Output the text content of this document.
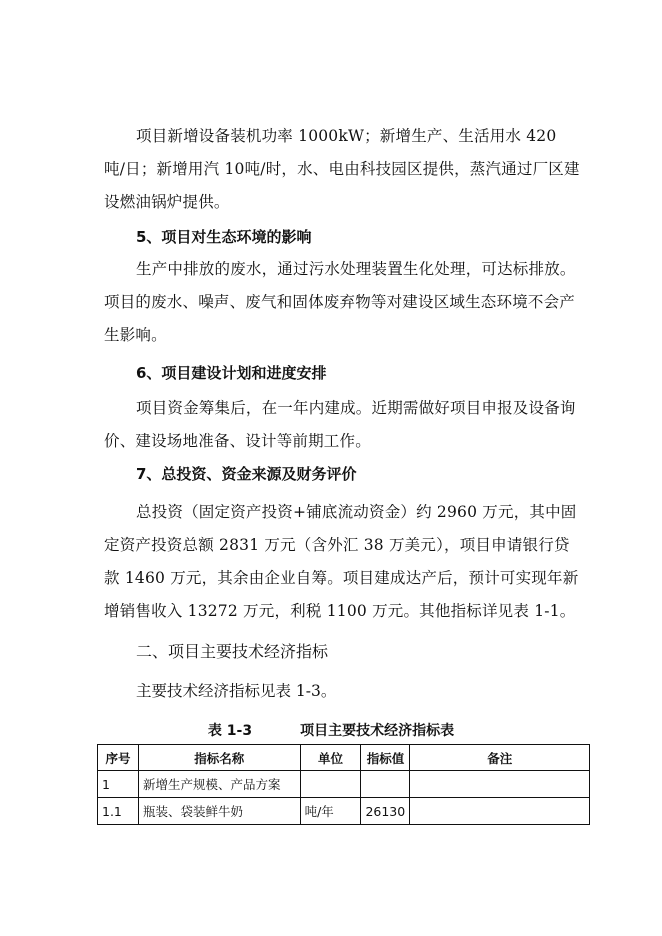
项目新增设备装机功率 1000kW；新增生产、生活用水 420 吨/日；新增用汽 10吨/时，水、电由科技园区提供，蒸汽通过厂区建设燃油锅炉提供。

5、项目对生态环境的影响

生产中排放的废水，通过污水处理装置生化处理，可达标排放。项目的废水、噪声、废气和固体废弃物等对建设区域生态环境不会产生影响。

6、项目建设计划和进度安排

项目资金筹集后，在一年内建成。近期需做好项目申报及设备询价、建设场地准备、设计等前期工作。

7、总投资、资金来源及财务评价

总投资（固定资产投资+铺底流动资金）约 2960 万元，其中固定资产投资总额 2831 万元（含外汇 38 万美元），项目申请银行贷款 1460 万元，其余由企业自筹。项目建成达产后，预计可实现年新增销售收入 13272 万元，利税 1100 万元。其他指标详见表 1-1。

二、项目主要技术经济指标

主要技术经济指标见表 1-3。

表 1-3	项目主要技术经济指标表
序号	指标名称	单位	指标值	备注
1	新增生产规模、产品方案			
1.1	瓶装、袋装鲜牛奶	吨/年	26130	
